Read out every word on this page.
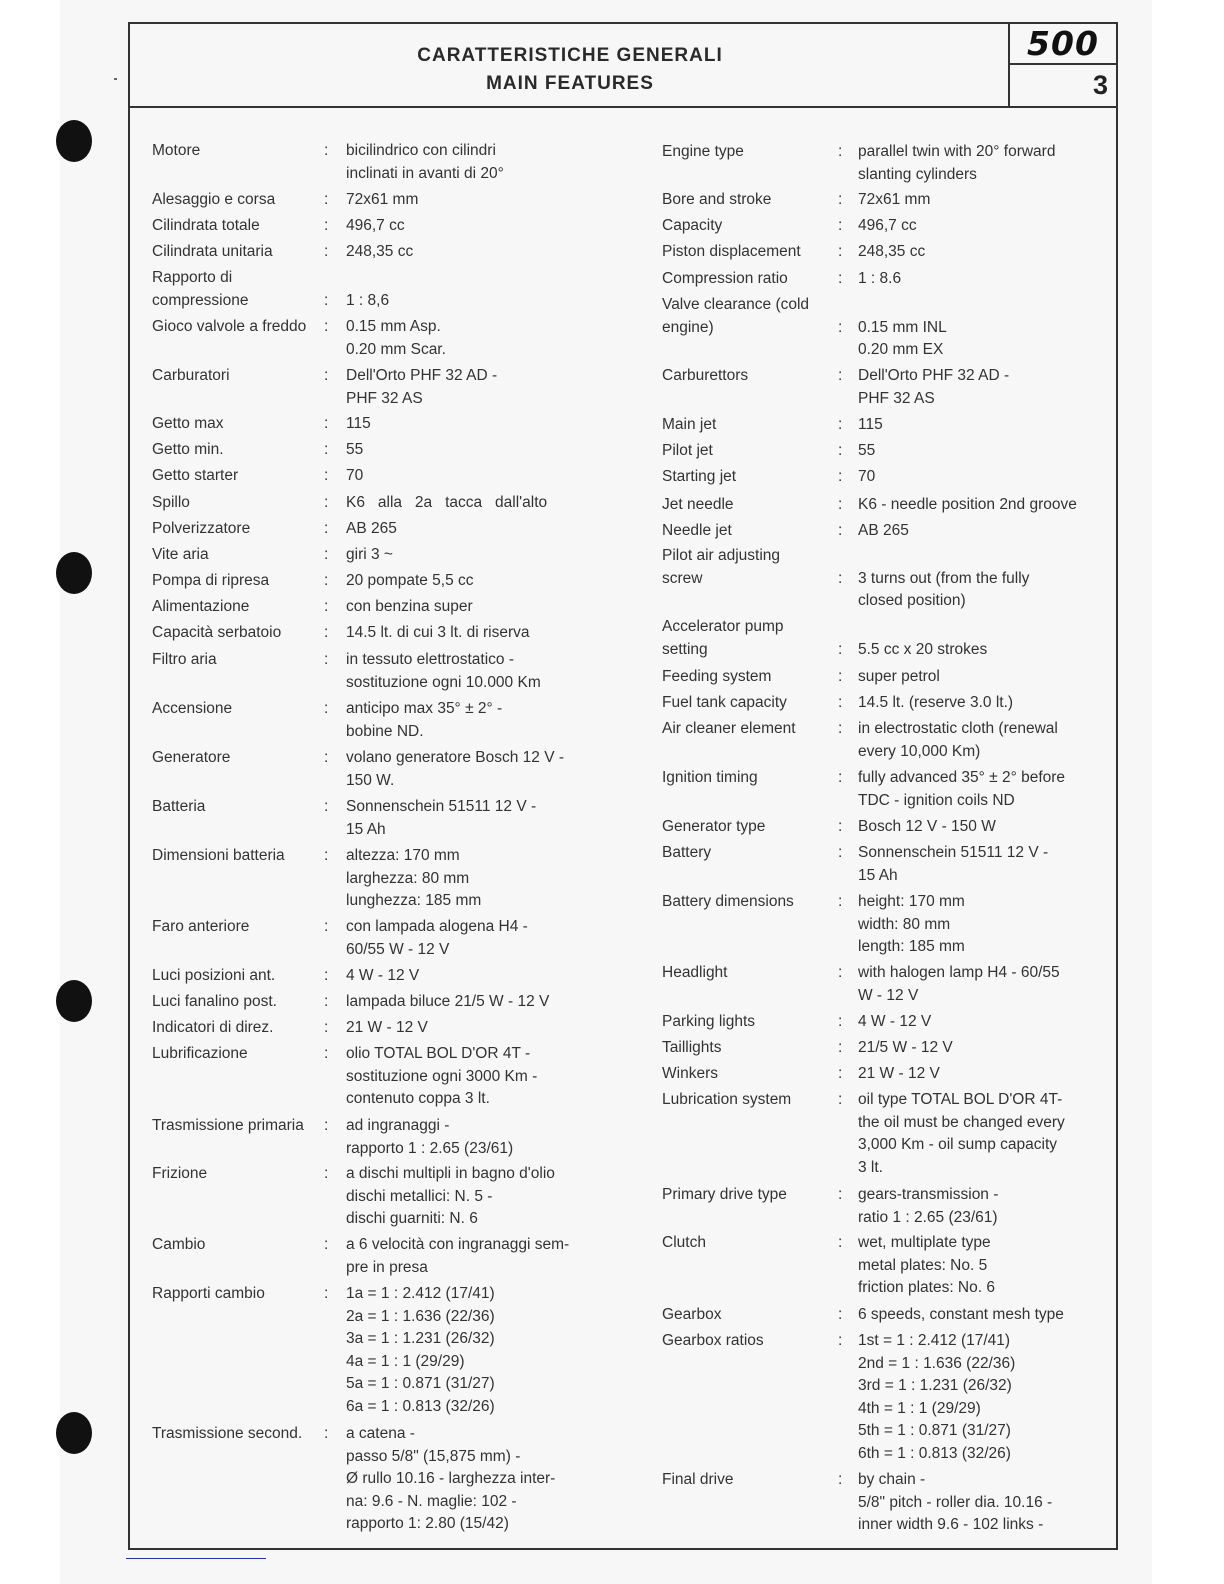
CARATTERISTICHE GENERALI
MAIN FEATURES
500
3
Motore	: bicilindrico con cilindri
inclinati in avanti di 20°
Alesaggio e corsa	: 72x61 mm
Cilindrata totale	: 496,7 cc
Cilindrata unitaria	: 248,35 cc
Rapporto di
compressione	: 1 : 8,6
Gioco valvole a freddo	: 0.15 mm Asp.
0.20 mm Scar.
Carburatori	: Dell'Orto PHF 32 AD -
PHF 32 AS
Getto max	: 115
Getto min.	: 55
Getto starter	: 70
Spillo	: K6   alla   2a   tacca   dall'alto
Polverizzatore	: AB 265
Vite aria	: giri 3 ~
Pompa di ripresa	: 20 pompate 5,5 cc
Alimentazione	: con benzina super
Capacità serbatoio	: 14.5 lt. di cui 3 lt. di riserva
Filtro aria	: in tessuto elettrostatico -
sostituzione ogni 10.000 Km
Accensione	: anticipo max 35° ± 2° -
bobine ND.
Generatore	: volano generatore Bosch 12 V -
150 W.
Batteria	: Sonnenschein 51511 12 V -
15 Ah
Dimensioni batteria	: altezza: 170 mm
larghezza: 80 mm
lunghezza: 185 mm
Faro anteriore	: con lampada alogena H4 -
60/55 W - 12 V
Luci posizioni ant.	: 4 W - 12 V
Luci fanalino post.	: lampada biluce 21/5 W - 12 V
Indicatori di direz.	: 21 W - 12 V
Lubrificazione	: olio TOTAL BOL D'OR 4T -
sostituzione ogni 3000 Km -
contenuto coppa 3 lt.
Trasmissione primaria	: ad ingranaggi -
rapporto 1 : 2.65 (23/61)
Frizione	: a dischi multipli in bagno d'olio
dischi metallici: N. 5 -
dischi guarniti: N. 6
Cambio	: a 6 velocità con ingranaggi sem-
pre in presa
Rapporti cambio	: 1a = 1 : 2.412 (17/41)
2a = 1 : 1.636 (22/36)
3a = 1 : 1.231 (26/32)
4a = 1 : 1 (29/29)
5a = 1 : 0.871 (31/27)
6a = 1 : 0.813 (32/26)
Trasmissione second.	: a catena -
passo 5/8" (15,875 mm) -
Ø rullo 10.16 - larghezza inter-
na: 9.6 - N. maglie: 102 -
rapporto 1: 2.80 (15/42)
Engine type	: parallel twin with 20° forward
slanting cylinders
Bore and stroke	: 72x61 mm
Capacity	: 496,7 cc
Piston displacement	: 248,35 cc
Compression ratio	: 1 : 8.6
Valve clearance (cold
engine)	: 0.15 mm INL
0.20 mm EX
Carburettors	: Dell'Orto PHF 32 AD -
PHF 32 AS
Main jet	: 115
Pilot jet	: 55
Starting jet	: 70
Jet needle	: K6 - needle position 2nd groove
Needle jet	: AB 265
Pilot air adjusting
screw	: 3 turns out (from the fully
closed position)
Accelerator pump
setting	: 5.5 cc x 20 strokes
Feeding system	: super petrol
Fuel tank capacity	: 14.5 lt. (reserve 3.0 lt.)
Air cleaner element	: in electrostatic cloth (renewal
every 10,000 Km)
Ignition timing	: fully advanced 35° ± 2° before
TDC - ignition coils ND
Generator type	: Bosch 12 V - 150 W
Battery	: Sonnenschein 51511 12 V -
15 Ah
Battery dimensions	: height: 170 mm
width: 80 mm
length: 185 mm
Headlight	: with halogen lamp H4 - 60/55
W - 12 V
Parking lights	: 4 W - 12 V
Taillights	: 21/5 W - 12 V
Winkers	: 21 W - 12 V
Lubrication system	: oil type TOTAL BOL D'OR 4T-
the oil must be changed every
3,000 Km - oil sump capacity
3 lt.
Primary drive type	: gears-transmission -
ratio 1 : 2.65 (23/61)
Clutch	: wet, multiplate type
metal plates: No. 5
friction plates: No. 6
Gearbox	: 6 speeds, constant mesh type
Gearbox ratios	: 1st = 1 : 2.412 (17/41)
2nd = 1 : 1.636 (22/36)
3rd = 1 : 1.231 (26/32)
4th = 1 : 1 (29/29)
5th = 1 : 0.871 (31/27)
6th = 1 : 0.813 (32/26)
Final drive	: by chain -
5/8" pitch - roller dia. 10.16 -
inner width 9.6 - 102 links -
